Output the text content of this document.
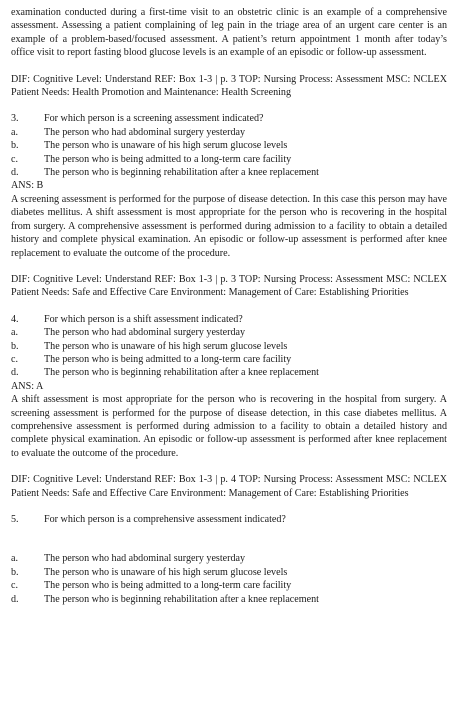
examination conducted during a first-time visit to an obstetric clinic is an example of a comprehensive assessment. Assessing a patient complaining of leg pain in the triage area of an urgent care center is an example of a problem-based/focused assessment. A patient’s return appointment 1 month after today’s office visit to report fasting blood glucose levels is an example of an episodic or follow-up assessment.

DIF: Cognitive Level: Understand REF: Box 1-3 | p. 3 TOP: Nursing Process: Assessment MSC: NCLEX Patient Needs: Health Promotion and Maintenance: Health Screening

3.	For which person is a screening assessment indicated?
a.	The person who had abdominal surgery yesterday
b.	The person who is unaware of his high serum glucose levels
c.	The person who is being admitted to a long-term care facility
d.	The person who is beginning rehabilitation after a knee replacement

ANS: B

A screening assessment is performed for the purpose of disease detection. In this case this person may have diabetes mellitus. A shift assessment is most appropriate for the person who is recovering in the hospital from surgery. A comprehensive assessment is performed during admission to a facility to obtain a detailed history and complete physical examination. An episodic or follow-up assessment is performed after knee replacement to evaluate the outcome of the procedure.

DIF: Cognitive Level: Understand REF: Box 1-3 | p. 3 TOP: Nursing Process: Assessment MSC: NCLEX Patient Needs: Safe and Effective Care Environment: Management of Care: Establishing Priorities

4.	For which person is a shift assessment indicated?
a.	The person who had abdominal surgery yesterday
b.	The person who is unaware of his high serum glucose levels
c.	The person who is being admitted to a long-term care facility
d.	The person who is beginning rehabilitation after a knee replacement

ANS: A

A shift assessment is most appropriate for the person who is recovering in the hospital from surgery. A screening assessment is performed for the purpose of disease detection, in this case diabetes mellitus. A comprehensive assessment is performed during admission to a facility to obtain a detailed history and complete physical examination. An episodic or follow-up assessment is performed after knee replacement to evaluate the outcome of the procedure.

DIF: Cognitive Level: Understand REF: Box 1-3 | p. 4 TOP: Nursing Process: Assessment MSC: NCLEX Patient Needs: Safe and Effective Care Environment: Management of Care: Establishing Priorities

5.	For which person is a comprehensive assessment indicated?
a.	The person who had abdominal surgery yesterday
b.	The person who is unaware of his high serum glucose levels
c.	The person who is being admitted to a long-term care facility
d.	The person who is beginning rehabilitation after a knee replacement
